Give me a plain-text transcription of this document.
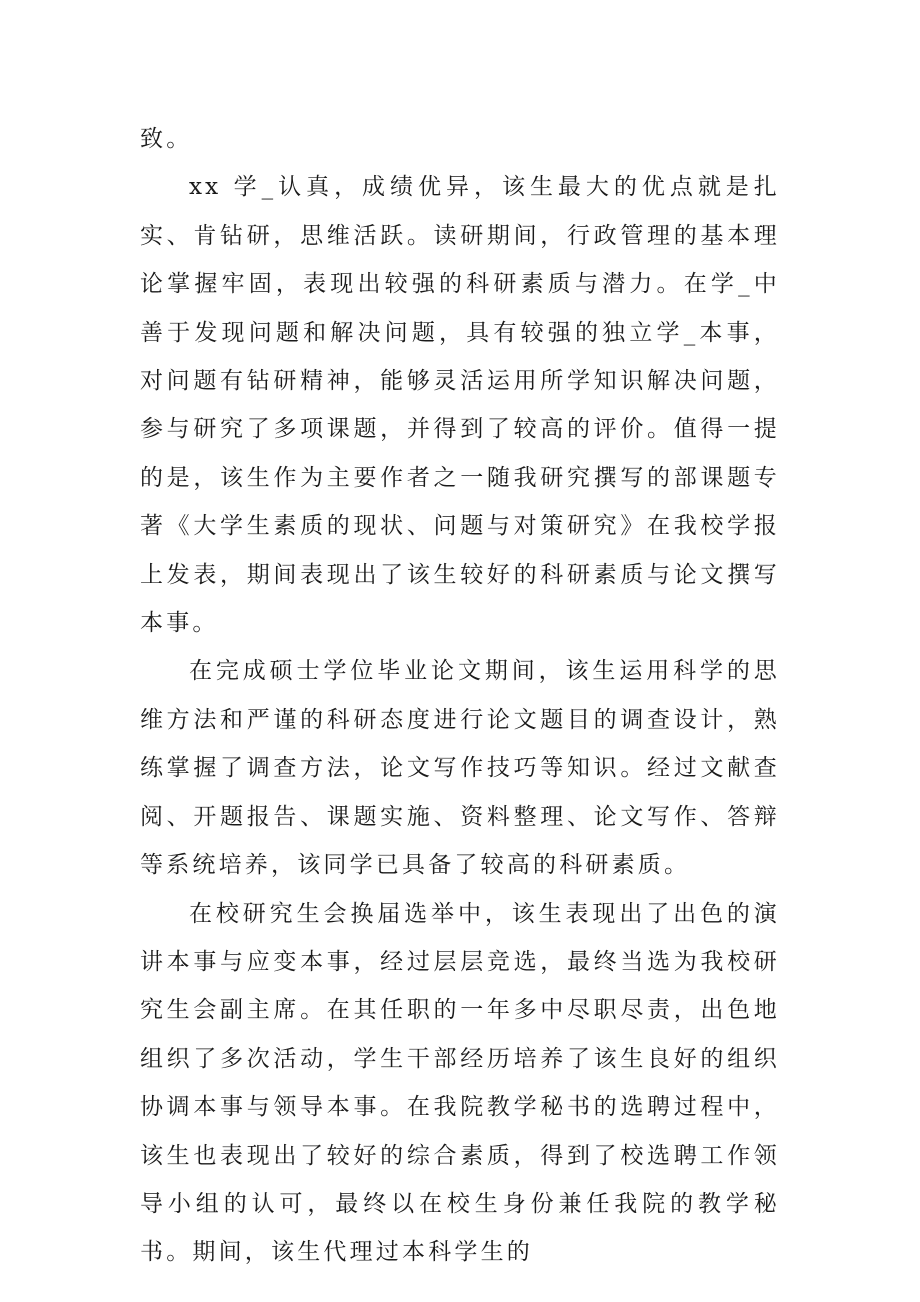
致。

xx 学_认真，成绩优异，该生最大的优点就是扎实、肯钻研，思维活跃。读研期间，行政管理的基本理论掌握牢固，表现出较强的科研素质与潜力。在学_中善于发现问题和解决问题，具有较强的独立学_本事，对问题有钻研精神，能够灵活运用所学知识解决问题，参与研究了多项课题，并得到了较高的评价。值得一提的是，该生作为主要作者之一随我研究撰写的部课题专著《大学生素质的现状、问题与对策研究》在我校学报上发表，期间表现出了该生较好的科研素质与论文撰写本事。

在完成硕士学位毕业论文期间，该生运用科学的思维方法和严谨的科研态度进行论文题目的调查设计，熟练掌握了调查方法，论文写作技巧等知识。经过文献查阅、开题报告、课题实施、资料整理、论文写作、答辩等系统培养，该同学已具备了较高的科研素质。

在校研究生会换届选举中，该生表现出了出色的演讲本事与应变本事，经过层层竞选，最终当选为我校研究生会副主席。在其任职的一年多中尽职尽责，出色地组织了多次活动，学生干部经历培养了该生良好的组织协调本事与领导本事。在我院教学秘书的选聘过程中，该生也表现出了较好的综合素质，得到了校选聘工作领导小组的认可，最终以在校生身份兼任我院的教学秘书。期间，该生代理过本科学生的
